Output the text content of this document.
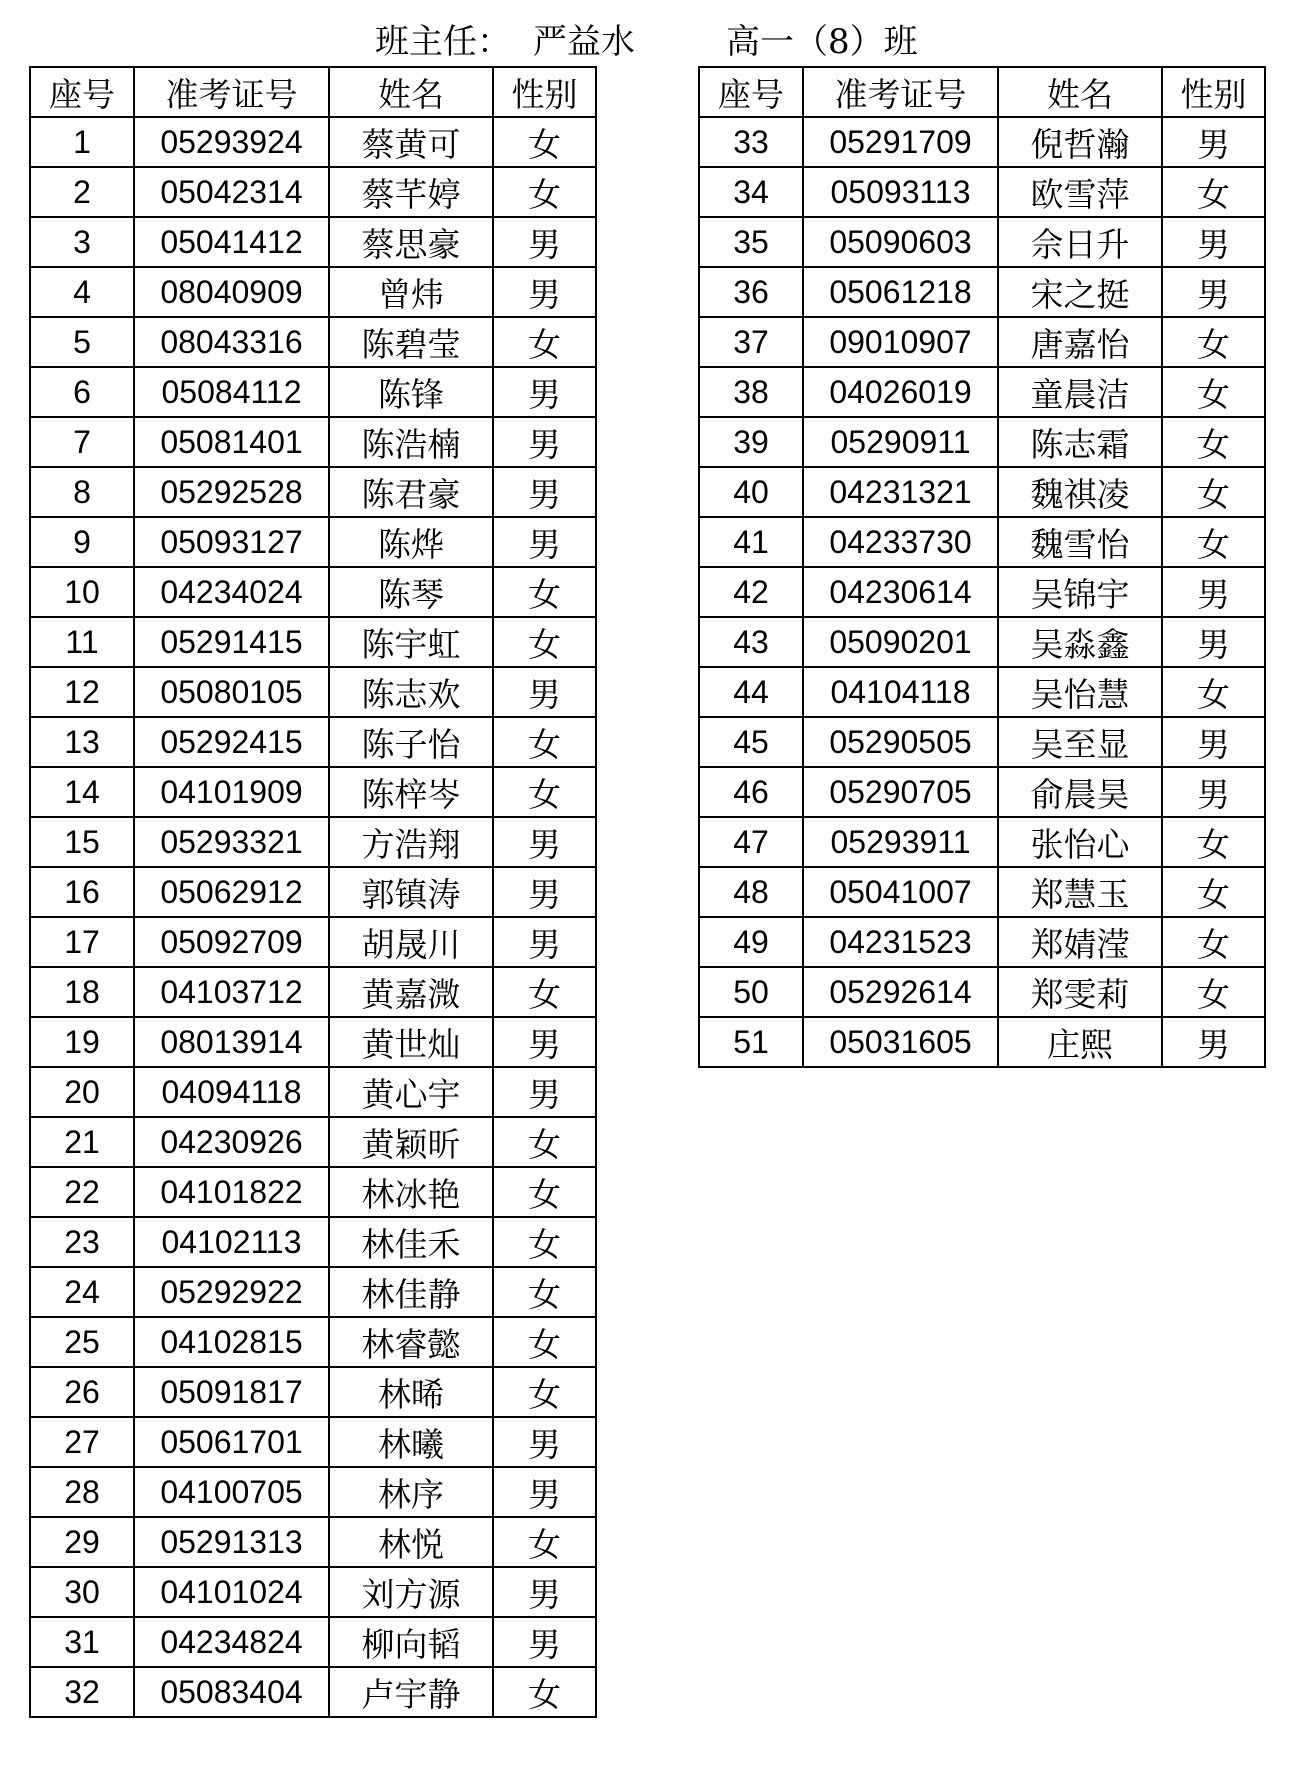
班主任： 严益水	高一（8）班
座号	准考证号	姓名	性别
1	05293924	蔡黄可	女
2	05042314	蔡芊婷	女
3	05041412	蔡思豪	男
4	08040909	曾炜	男
5	08043316	陈碧莹	女
6	05084112	陈锋	男
7	05081401	陈浩楠	男
8	05292528	陈君豪	男
9	05093127	陈烨	男
10	04234024	陈琴	女
11	05291415	陈宇虹	女
12	05080105	陈志欢	男
13	05292415	陈子怡	女
14	04101909	陈梓岑	女
15	05293321	方浩翔	男
16	05062912	郭镇涛	男
17	05092709	胡晟川	男
18	04103712	黄嘉溦	女
19	08013914	黄世灿	男
20	04094118	黄心宇	男
21	04230926	黄颖昕	女
22	04101822	林冰艳	女
23	04102113	林佳禾	女
24	05292922	林佳静	女
25	04102815	林睿懿	女
26	05091817	林晞	女
27	05061701	林曦	男
28	04100705	林序	男
29	05291313	林悦	女
30	04101024	刘方源	男
31	04234824	柳向韬	男
32	05083404	卢宇静	女
座号	准考证号	姓名	性别
33	05291709	倪哲瀚	男
34	05093113	欧雪萍	女
35	05090603	佘日升	男
36	05061218	宋之挺	男
37	09010907	唐嘉怡	女
38	04026019	童晨洁	女
39	05290911	陈志霜	女
40	04231321	魏祺凌	女
41	04233730	魏雪怡	女
42	04230614	吴锦宇	男
43	05090201	吴淼鑫	男
44	04104118	吴怡慧	女
45	05290505	吴至显	男
46	05290705	俞晨昊	男
47	05293911	张怡心	女
48	05041007	郑慧玉	女
49	04231523	郑婧滢	女
50	05292614	郑雯莉	女
51	05031605	庄熙	男
